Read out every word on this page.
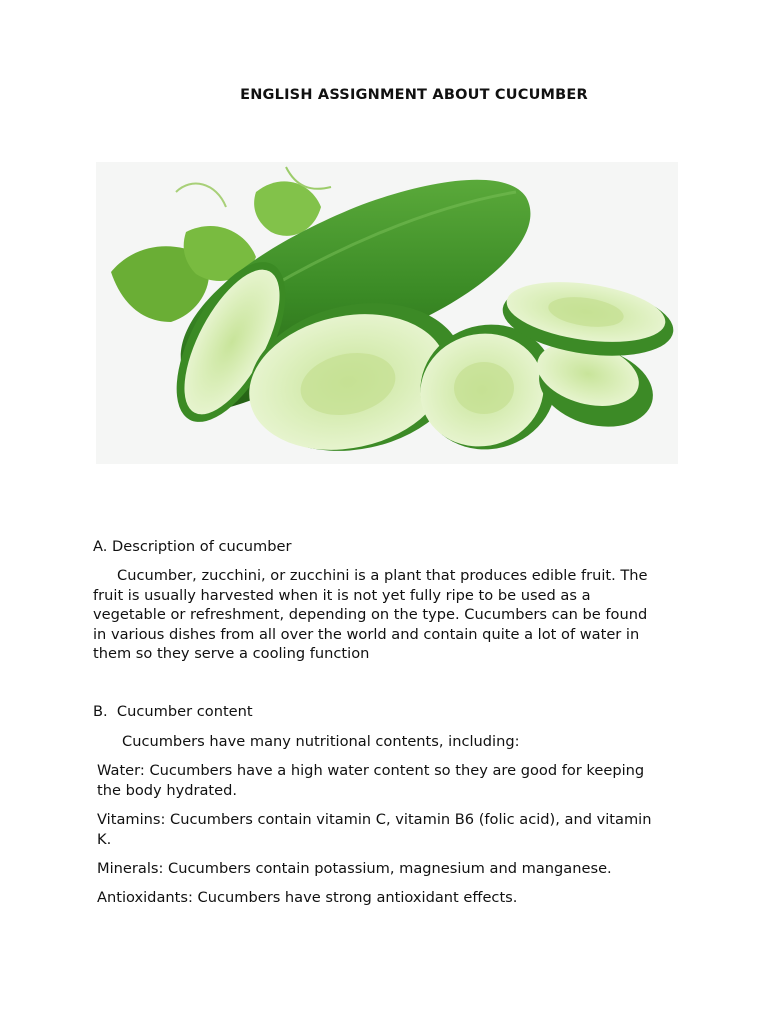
ENGLISH ASSIGNMENT ABOUT CUCUMBER

A. Description of cucumber

Cucumber, zucchini, or zucchini is a plant that produces edible fruit. The fruit is usually harvested when it is not yet fully ripe to be used as a vegetable or refreshment, depending on the type. Cucumbers can be found in various dishes from all over the world and contain quite a lot of water in them so they serve a cooling function

B.  Cucumber content

Cucumbers have many nutritional contents, including:

Water: Cucumbers have a high water content so they are good for keeping the body hydrated.

Vitamins: Cucumbers contain vitamin C, vitamin B6 (folic acid), and vitamin K.

Minerals: Cucumbers contain potassium, magnesium and manganese.

Antioxidants: Cucumbers have strong antioxidant effects.
